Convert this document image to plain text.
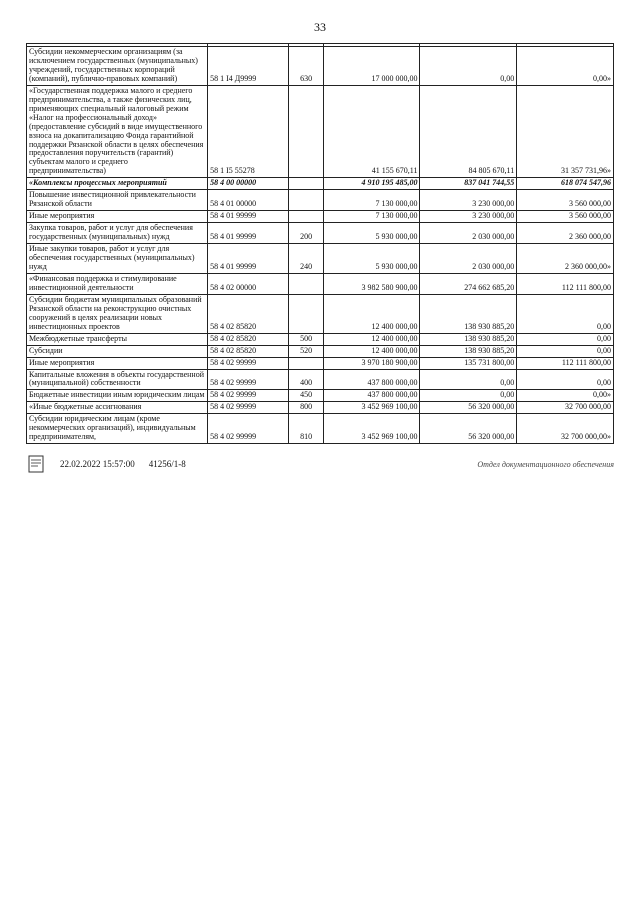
33

Субсидии некоммерческим организациям (за исключением государственных (муниципальных) учреждений, государственных корпораций (компаний), публично-правовых компаний)	58 1 I4 Д9999	630	17 000 000,00	0,00	0,00»
«Государственная поддержка малого и среднего предпринимательства, а также физических лиц, применяющих специальный налоговый режим «Налог на профессиональный доход» (предоставление субсидий в виде имущественного взноса на докапитализацию Фонда гарантийной поддержки Рязанской области в целях обеспечения предоставления поручительств (гарантий) субъектам малого и среднего предпринимательства)	58 1 I5 55278		41 155 670,11	84 805 670,11	31 357 731,96»
«Комплексы процессных мероприятий	58 4 00 00000		4 910 195 485,00	837 041 744,55	618 074 547,96
Повышение инвестиционной привлекательности Рязанской области	58 4 01 00000		7 130 000,00	3 230 000,00	3 560 000,00
Иные мероприятия	58 4 01 99999		7 130 000,00	3 230 000,00	3 560 000,00
Закупка товаров, работ и услуг для обеспечения государственных (муниципальных) нужд	58 4 01 99999	200	5 930 000,00	2 030 000,00	2 360 000,00
Иные закупки товаров, работ и услуг для обеспечения государственных (муниципальных) нужд	58 4 01 99999	240	5 930 000,00	2 030 000,00	2 360 000,00»
«Финансовая поддержка и стимулирование инвестиционной деятельности	58 4 02 00000		3 982 580 900,00	274 662 685,20	112 111 800,00
Субсидии бюджетам муниципальных образований Рязанской области на реконструкцию очистных сооружений в целях реализации новых инвестиционных проектов	58 4 02 85820		12 400 000,00	138 930 885,20	0,00
Межбюджетные трансферты	58 4 02 85820	500	12 400 000,00	138 930 885,20	0,00
Субсидии	58 4 02 85820	520	12 400 000,00	138 930 885,20	0,00
Иные мероприятия	58 4 02 99999		3 970 180 900,00	135 731 800,00	112 111 800,00
Капитальные вложения в объекты государственной (муниципальной) собственности	58 4 02 99999	400	437 800 000,00	0,00	0,00
Бюджетные инвестиции иным юридическим лицам	58 4 02 99999	450	437 800 000,00	0,00	0,00»
«Иные бюджетные ассигнования	58 4 02 99999	800	3 452 969 100,00	56 320 000,00	32 700 000,00
Субсидии юридическим лицам (кроме некоммерческих организаций), индивидуальным предпринимателям,	58 4 02 99999	810	3 452 969 100,00	56 320 000,00	32 700 000,00»
22.02.2022 15:57:00 41256/1-8	Отдел документационного обеспечения
